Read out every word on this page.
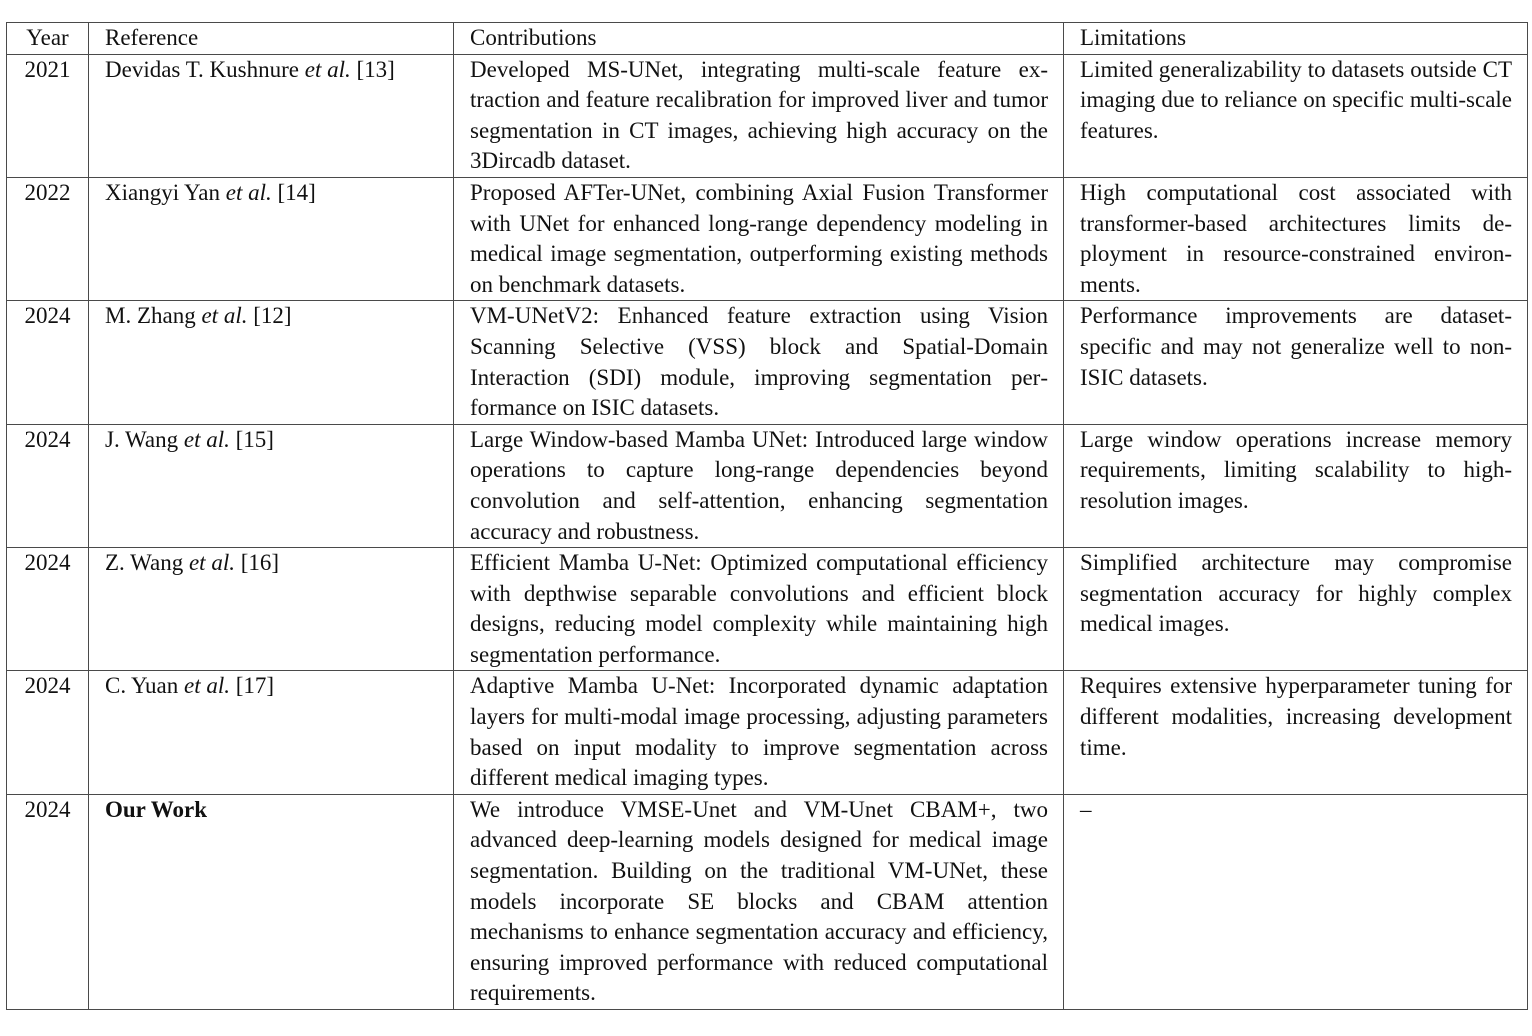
Year	Reference	Contributions	Limitations
2021	Devidas T. Kushnure et al. [13]	Developed MS-UNet, integrating multi-scale feature extraction and feature recalibration for improved liver and tumor segmentation in CT images, achieving high accuracy on the 3Dircadb dataset.	Limited generalizability to datasets outside CT imaging due to reliance on specific multi-scale features.
2022	Xiangyi Yan et al. [14]	Proposed AFTer-UNet, combining Axial Fusion Transformer with UNet for enhanced long-range dependency modeling in medical image segmentation, outperforming existing methods on benchmark datasets.	High computational cost associated with transformer-based architectures limits deployment in resource-constrained environments.
2024	M. Zhang et al. [12]	VM-UNetV2: Enhanced feature extraction using Vision Scanning Selective (VSS) block and Spatial-Domain Interaction (SDI) module, improving segmentation performance on ISIC datasets.	Performance improvements are dataset-specific and may not generalize well to non-ISIC datasets.
2024	J. Wang et al. [15]	Large Window-based Mamba UNet: Introduced large window operations to capture long-range dependencies beyond convolution and self-attention, enhancing segmentation accuracy and robustness.	Large window operations increase memory requirements, limiting scalability to high-resolution images.
2024	Z. Wang et al. [16]	Efficient Mamba U-Net: Optimized computational efficiency with depthwise separable convolutions and efficient block designs, reducing model complexity while maintaining high segmentation performance.	Simplified architecture may compromise segmentation accuracy for highly complex medical images.
2024	C. Yuan et al. [17]	Adaptive Mamba U-Net: Incorporated dynamic adaptation layers for multi-modal image processing, adjusting parameters based on input modality to improve segmentation across different medical imaging types.	Requires extensive hyperparameter tuning for different modalities, increasing development time.
2024	Our Work	We introduce VMSE-Unet and VM-Unet CBAM+, two advanced deep-learning models designed for medical image segmentation. Building on the traditional VM-UNet, these models incorporate SE blocks and CBAM attention mechanisms to enhance segmentation accuracy and efficiency, ensuring improved performance with reduced computational requirements.	–
